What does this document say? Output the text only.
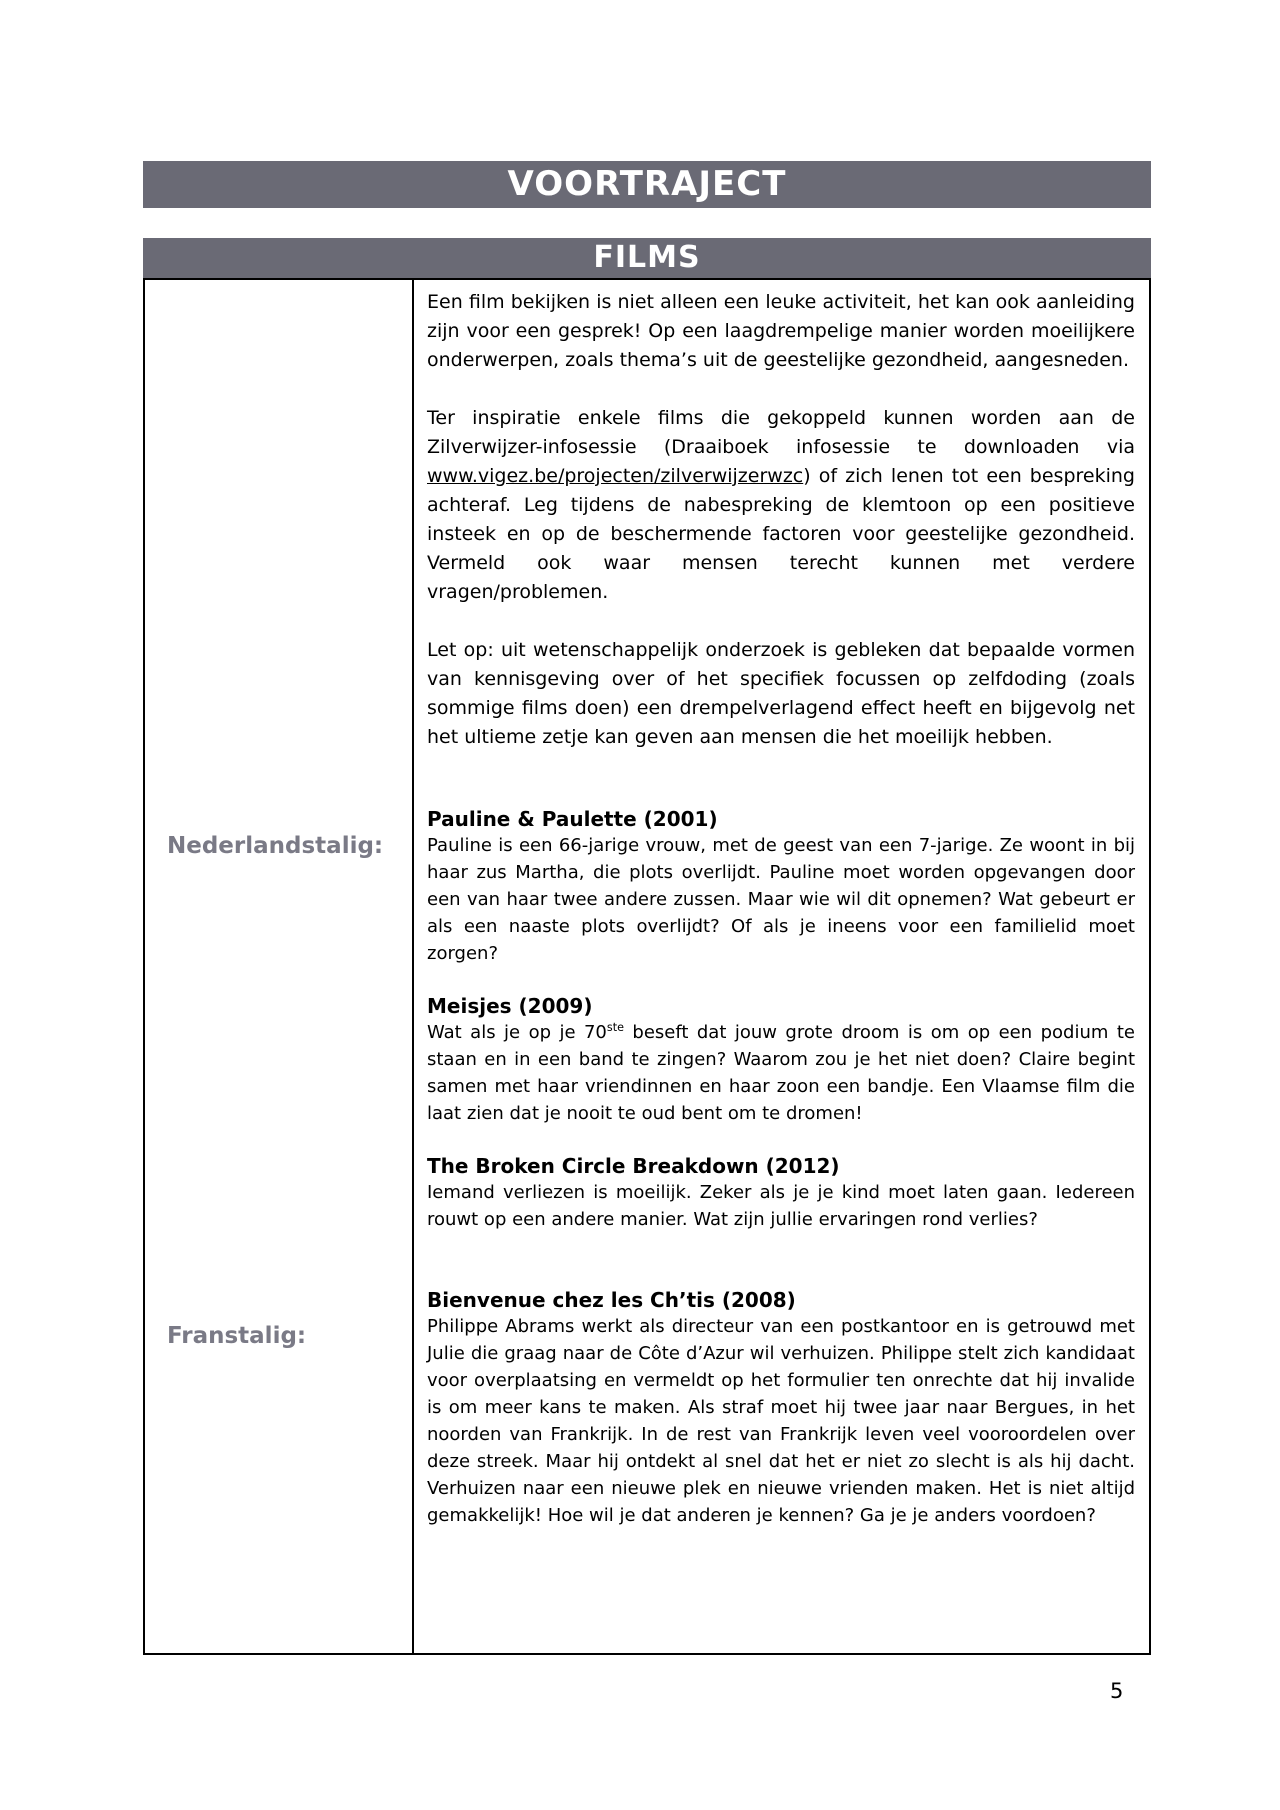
VOORTRAJECT
FILMS
Nederlandstalig:
Franstalig:

Een film bekijken is niet alleen een leuke activiteit, het kan ook aanleiding zijn voor een gesprek! Op een laagdrempelige manier worden moeilijkere onderwerpen, zoals thema’s uit de geestelijke gezondheid, aangesneden.

Ter inspiratie enkele films die gekoppeld kunnen worden aan de Zilverwijzer-infosessie (Draaiboek infosessie te downloaden via www.vigez.be/projecten/zilverwijzerwzc) of zich lenen tot een bespreking achteraf. Leg tijdens de nabespreking de klemtoon op een positieve insteek en op de beschermende factoren voor geestelijke gezondheid. Vermeld ook waar mensen terecht kunnen met verdere vragen/problemen.

Let op: uit wetenschappelijk onderzoek is gebleken dat bepaalde vormen van kennisgeving over of het specifiek focussen op zelfdoding (zoals sommige films doen) een drempelverlagend effect heeft en bijgevolg net het ultieme zetje kan geven aan mensen die het moeilijk hebben.

Pauline & Paulette (2001)

Pauline is een 66-jarige vrouw, met de geest van een 7-jarige. Ze woont in bij haar zus Martha, die plots overlijdt. Pauline moet worden opgevangen door een van haar twee andere zussen. Maar wie wil dit opnemen? Wat gebeurt er als een naaste plots overlijdt? Of als je ineens voor een familielid moet zorgen?

Meisjes (2009)

Wat als je op je 70ste beseft dat jouw grote droom is om op een podium te staan en in een band te zingen? Waarom zou je het niet doen? Claire begint samen met haar vriendinnen en haar zoon een bandje. Een Vlaamse film die laat zien dat je nooit te oud bent om te dromen!

The Broken Circle Breakdown (2012)

Iemand verliezen is moeilijk. Zeker als je je kind moet laten gaan. Iedereen rouwt op een andere manier. Wat zijn jullie ervaringen rond verlies?

Bienvenue chez les Ch’tis (2008)

Philippe Abrams werkt als directeur van een postkantoor en is getrouwd met Julie die graag naar de Côte d’Azur wil verhuizen. Philippe stelt zich kandidaat voor overplaatsing en vermeldt op het formulier ten onrechte dat hij invalide is om meer kans te maken. Als straf moet hij twee jaar naar Bergues, in het noorden van Frankrijk. In de rest van Frankrijk leven veel vooroordelen over deze streek. Maar hij ontdekt al snel dat het er niet zo slecht is als hij dacht. Verhuizen naar een nieuwe plek en nieuwe vrienden maken. Het is niet altijd gemakkelijk! Hoe wil je dat anderen je kennen? Ga je je anders voordoen?

5
